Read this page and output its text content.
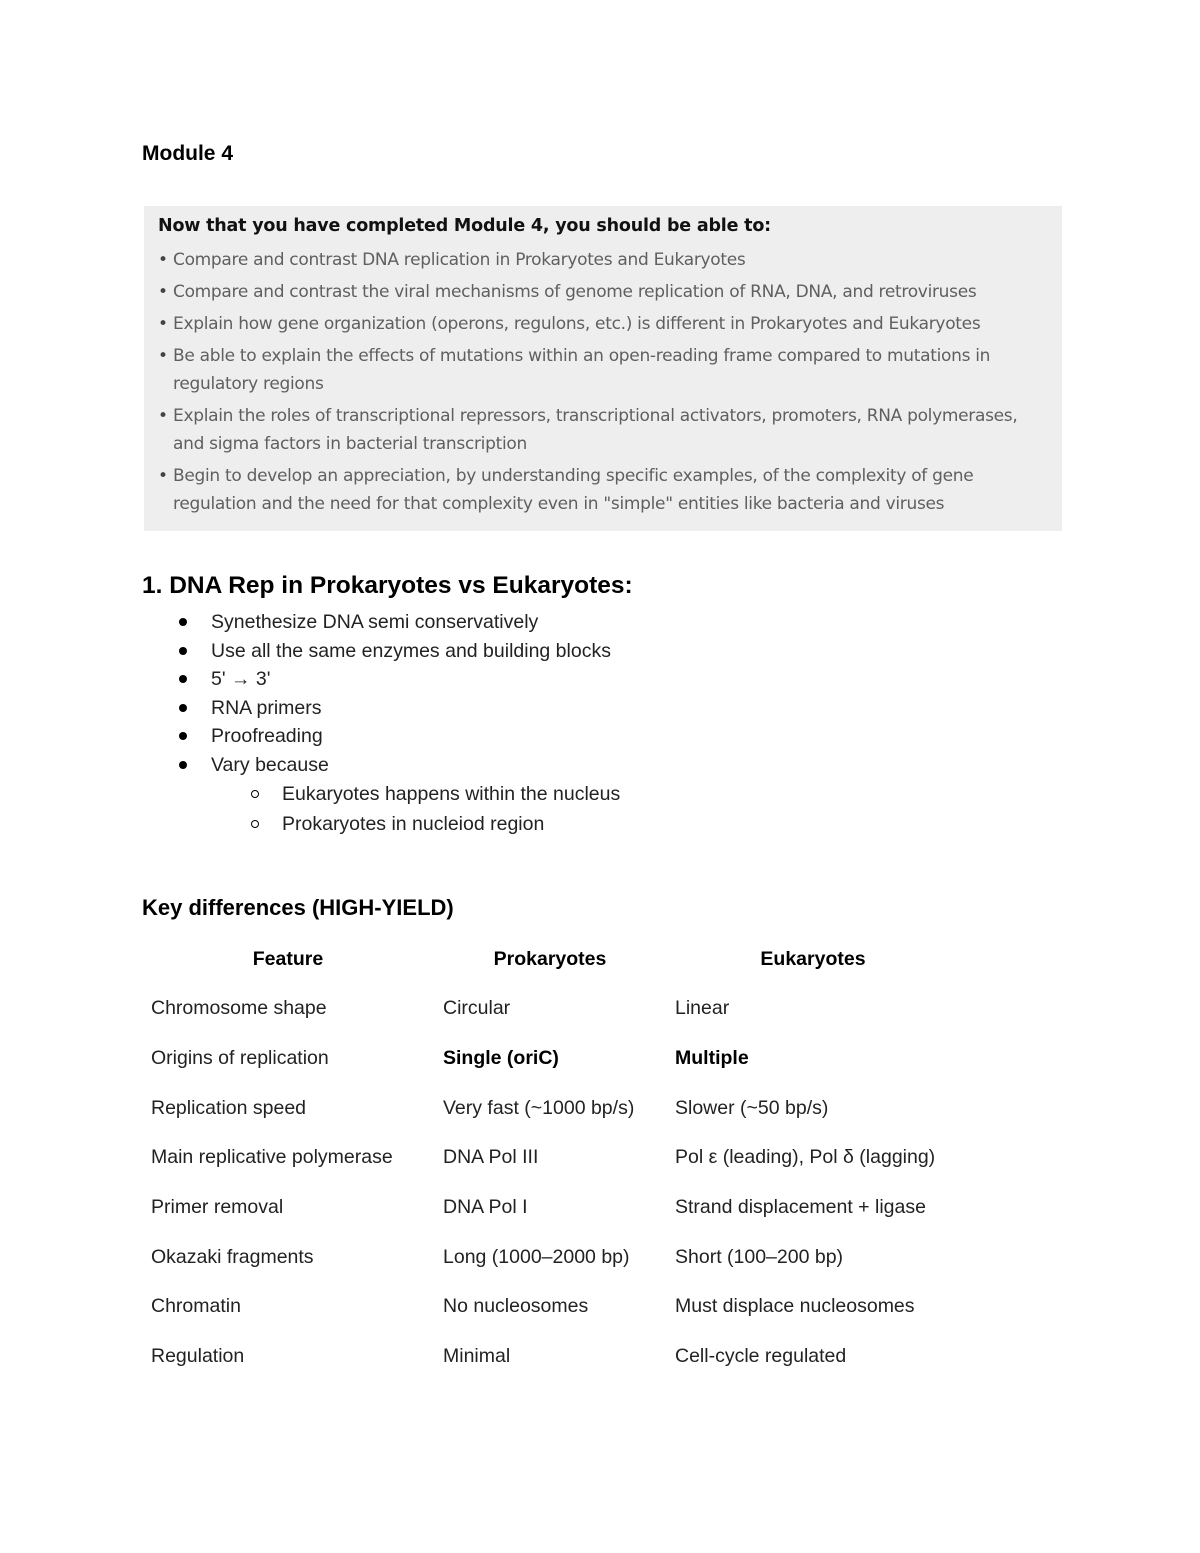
Module 4
Now that you have completed Module 4, you should be able to:
• Compare and contrast DNA replication in Prokaryotes and Eukaryotes
• Compare and contrast the viral mechanisms of genome replication of RNA, DNA, and retroviruses
• Explain how gene organization (operons, regulons, etc.) is different in Prokaryotes and Eukaryotes
• Be able to explain the effects of mutations within an open-reading frame compared to mutations in regulatory regions
• Explain the roles of transcriptional repressors, transcriptional activators, promoters, RNA polymerases, and sigma factors in bacterial transcription
• Begin to develop an appreciation, by understanding specific examples, of the complexity of gene regulation and the need for that complexity even in "simple" entities like bacteria and viruses
1. DNA Rep in Prokaryotes vs Eukaryotes:
Synethesize DNA semi conservatively
Use all the same enzymes and building blocks
5' → 3'
RNA primers
Proofreading
Vary because
Eukaryotes happens within the nucleus
Prokaryotes in nucleiod region
Key differences (HIGH-YIELD)
Feature	Prokaryotes	Eukaryotes
Chromosome shape	Circular	Linear
Origins of replication	Single (oriC)	Multiple
Replication speed	Very fast (~1000 bp/s)	Slower (~50 bp/s)
Main replicative polymerase	DNA Pol III	Pol ε (leading), Pol δ (lagging)
Primer removal	DNA Pol I	Strand displacement + ligase
Okazaki fragments	Long (1000–2000 bp)	Short (100–200 bp)
Chromatin	No nucleosomes	Must displace nucleosomes
Regulation	Minimal	Cell-cycle regulated
